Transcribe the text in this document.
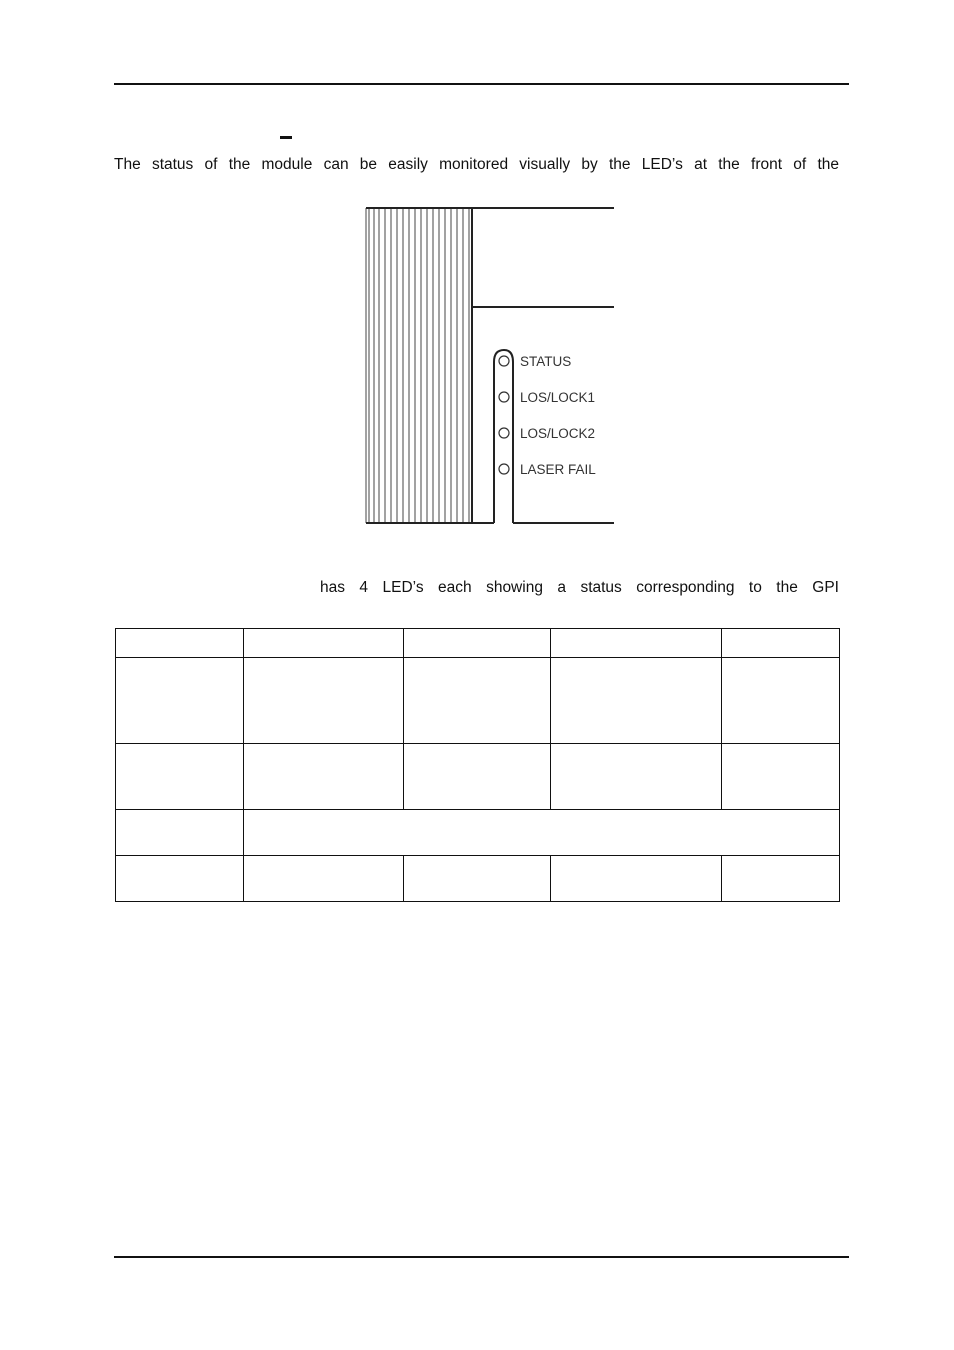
The status of the module can be easily monitored visually by the LED’s at the front of the
STATUS
LOS/LOCK1
LOS/LOCK2
LASER FAIL
has 4 LED’s each showing a status corresponding to the GPI
